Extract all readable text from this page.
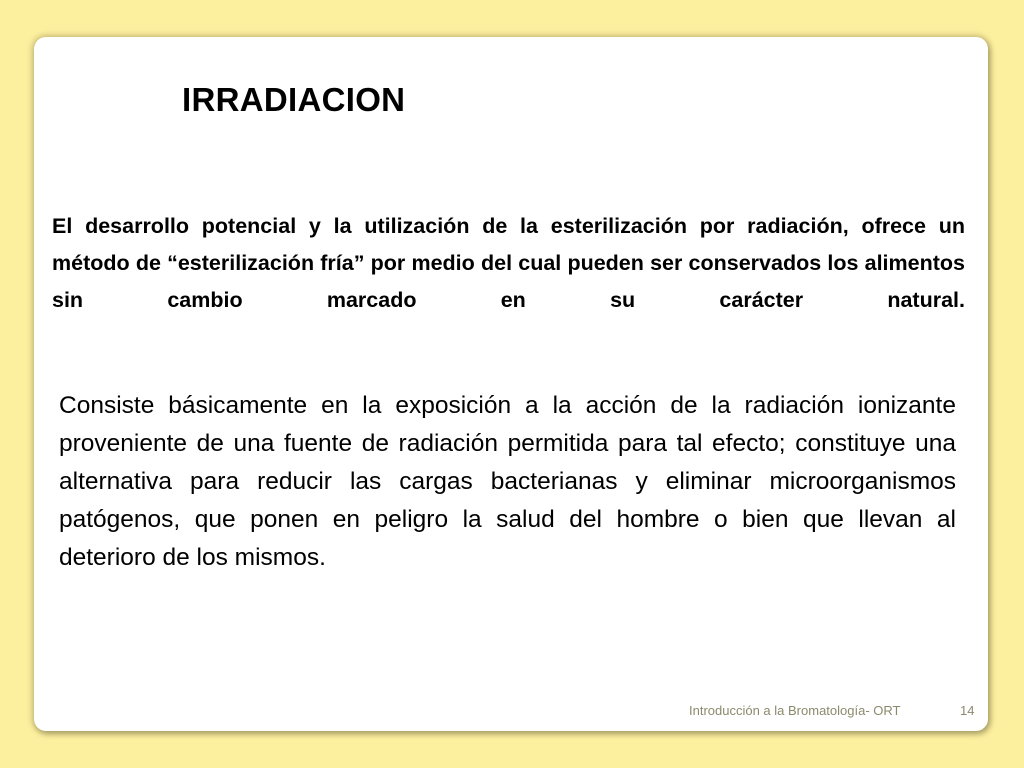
IRRADIACION

El desarrollo potencial y la utilización de la esterilización por radiación, ofrece un método de “esterilización fría” por medio del cual pueden ser conservados los alimentos sin cambio marcado en su carácter natural.

Consiste básicamente en la exposición a la acción de la radiación ionizante proveniente de una fuente de radiación permitida para tal efecto; constituye una alternativa para reducir las cargas bacterianas y eliminar microorganismos patógenos, que ponen en peligro la salud del hombre o bien que llevan al deterioro de los mismos.

Introducción a la Bromatología- ORT	14
